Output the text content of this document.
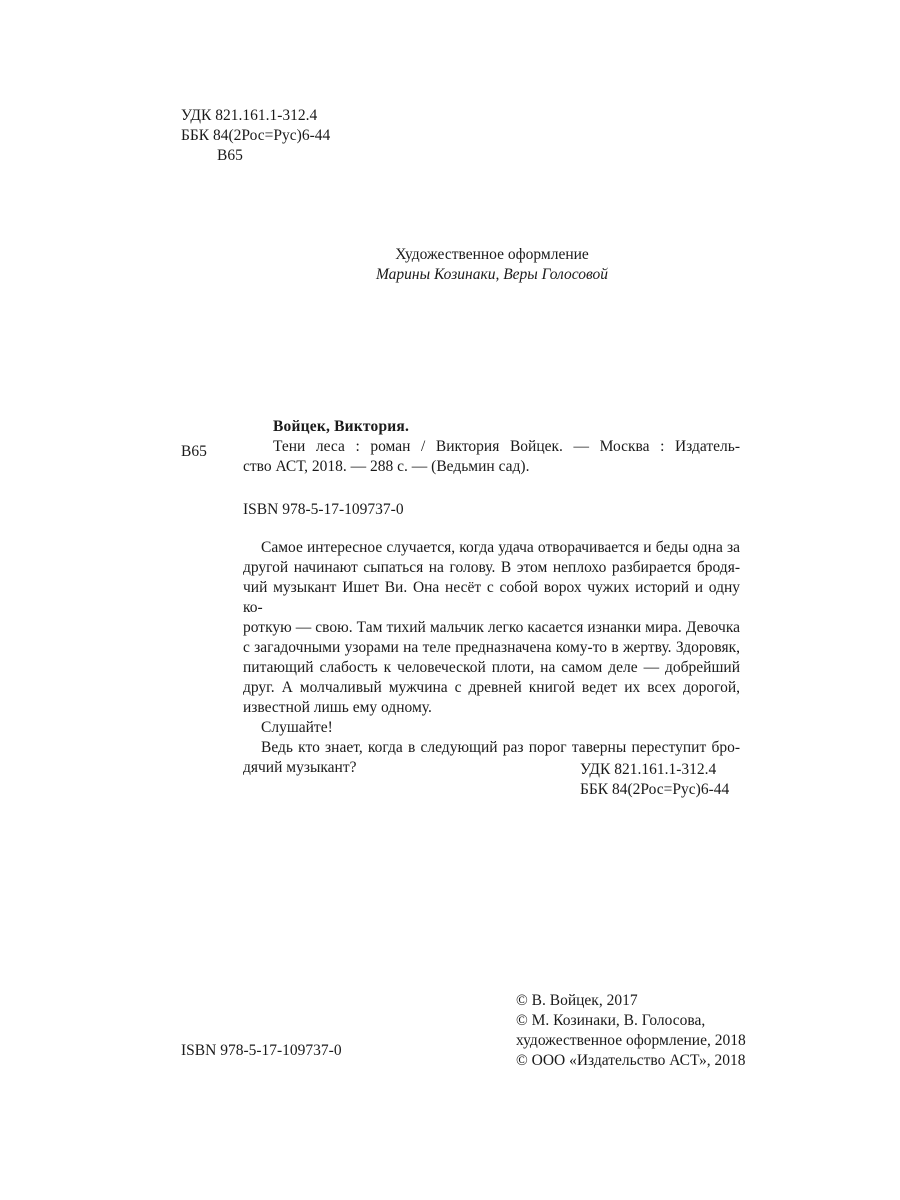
УДК 821.161.1-312.4
ББК 84(2Рос=Рус)6-44
В65
Художественное оформление
Марины Козинаки, Веры Голосовой
В65
Войцек, Виктория.
Тени леса : роман / Виктория Войцек. — Москва : Издатель-
ство АСТ, 2018. — 288 с. — (Ведьмин сад).
ISBN 978-5-17-109737-0
Самое интересное случается, когда удача отворачивается и беды одна за
другой начинают сыпаться на голову. В этом неплохо разбирается бродя-
чий музыкант Ишет Ви. Она несёт с собой ворох чужих историй и одну ко-
роткую — свою. Там тихий мальчик легко касается изнанки мира. Девочка
с загадочными узорами на теле предназначена кому-то в жертву. Здоровяк,
питающий слабость к человеческой плоти, на самом деле — добрейший
друг. А молчаливый мужчина с древней книгой ведет их всех дорогой,
известной лишь ему одному.
Слушайте!
Ведь кто знает, когда в следующий раз порог таверны переступит бро-
дячий музыкант?	УДК 821.161.1-312.4
ББК 84(2Рос=Рус)6-44
© В. Войцек, 2017
© М. Козинаки, В. Голосова,
художественное оформление, 2018
© ООО «Издательство АСТ», 2018
ISBN 978-5-17-109737-0
